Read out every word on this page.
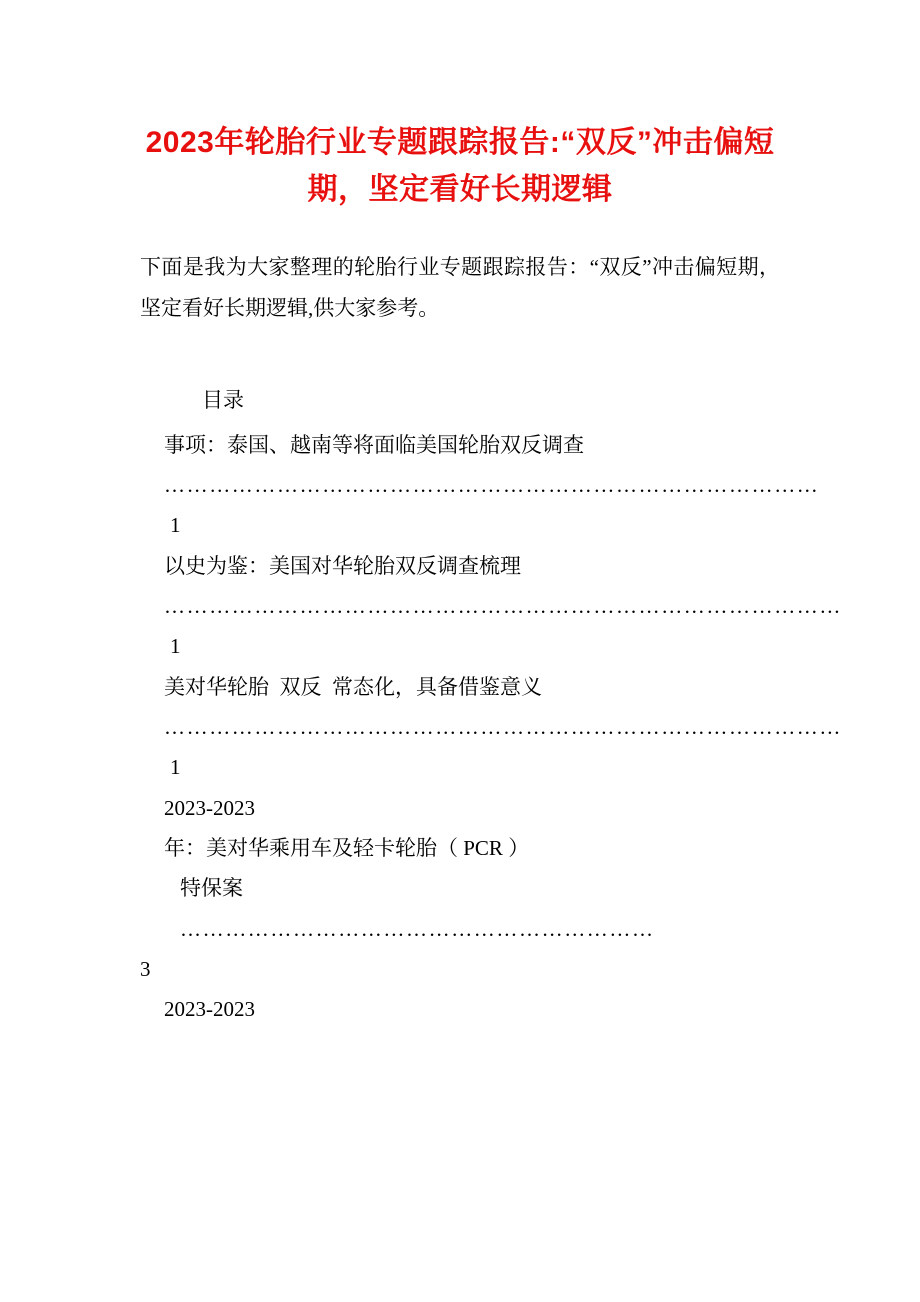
2023年轮胎行业专题跟踪报告:“双反”冲击偏短期，坚定看好长期逻辑

下面是我为大家整理的轮胎行业专题跟踪报告：“双反”冲击偏短期，坚定看好长期逻辑,供大家参考。

目录

事项：泰国、越南等将面临美国轮胎双反调查

……………………………………………………………………………1

以史为鉴：美国对华轮胎双反调查梳理

………………………………………………………………………………1

美对华轮胎  双反  常态化，具备借鉴意义

………………………………………………………………………………1

2023-2023

年：美对华乘用车及轻卡轮胎（ PCR ）

特保案

………………………………………………………

3

2023-2023
